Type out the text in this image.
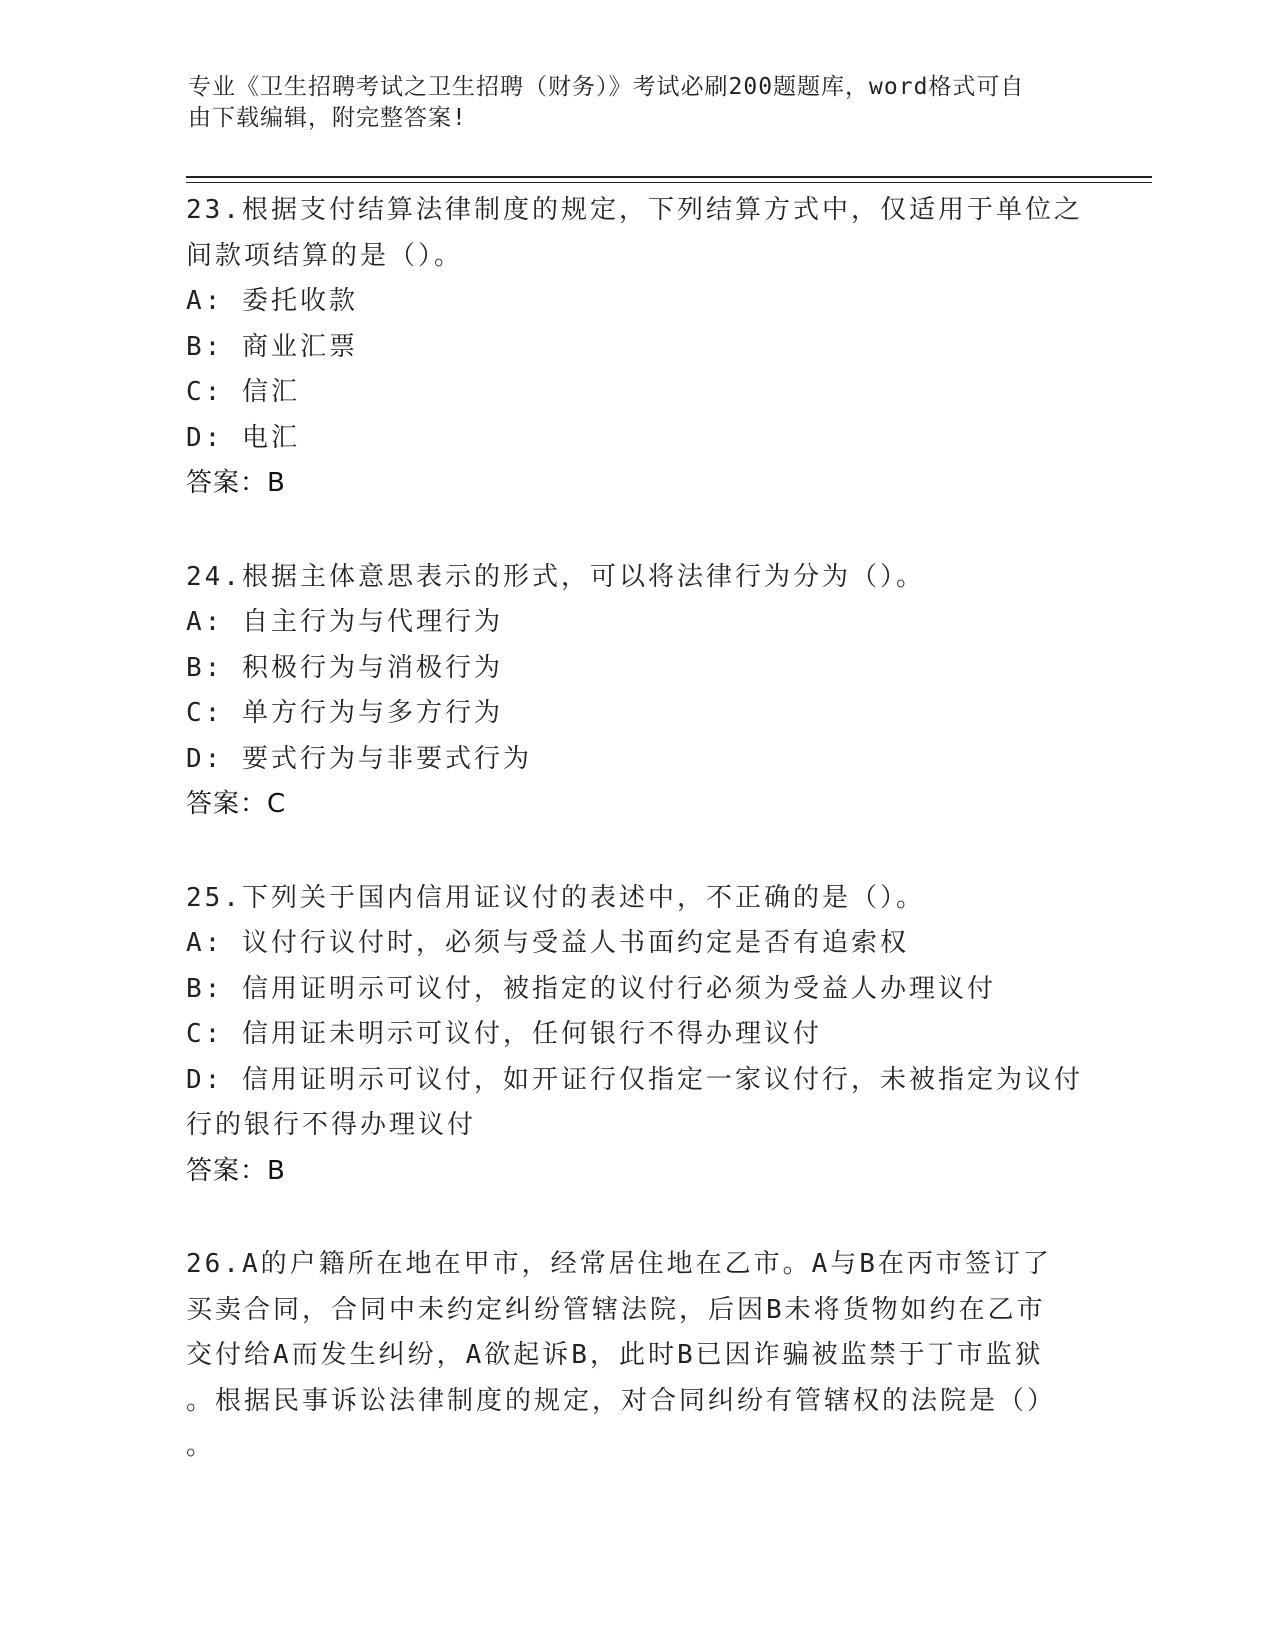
专业《卫生招聘考试之卫生招聘（财务）》考试必刷200题题库，word格式可自
由下载编辑，附完整答案!
23.根据支付结算法律制度的规定，下列结算方式中，仅适用于单位之
间款项结算的是（）。
A: 委托收款
B: 商业汇票
C: 信汇
D: 电汇
答案：B
24.根据主体意思表示的形式，可以将法律行为分为（）。
A: 自主行为与代理行为
B: 积极行为与消极行为
C: 单方行为与多方行为
D: 要式行为与非要式行为
答案：C
25.下列关于国内信用证议付的表述中，不正确的是（）。
A: 议付行议付时，必须与受益人书面约定是否有追索权
B: 信用证明示可议付，被指定的议付行必须为受益人办理议付
C: 信用证未明示可议付，任何银行不得办理议付
D: 信用证明示可议付，如开证行仅指定一家议付行，未被指定为议付
行的银行不得办理议付
答案：B
26.A的户籍所在地在甲市，经常居住地在乙市。A与B在丙市签订了
买卖合同，合同中未约定纠纷管辖法院，后因B未将货物如约在乙市
交付给A而发生纠纷，A欲起诉B，此时B已因诈骗被监禁于丁市监狱
。根据民事诉讼法律制度的规定，对合同纠纷有管辖权的法院是（）
。
